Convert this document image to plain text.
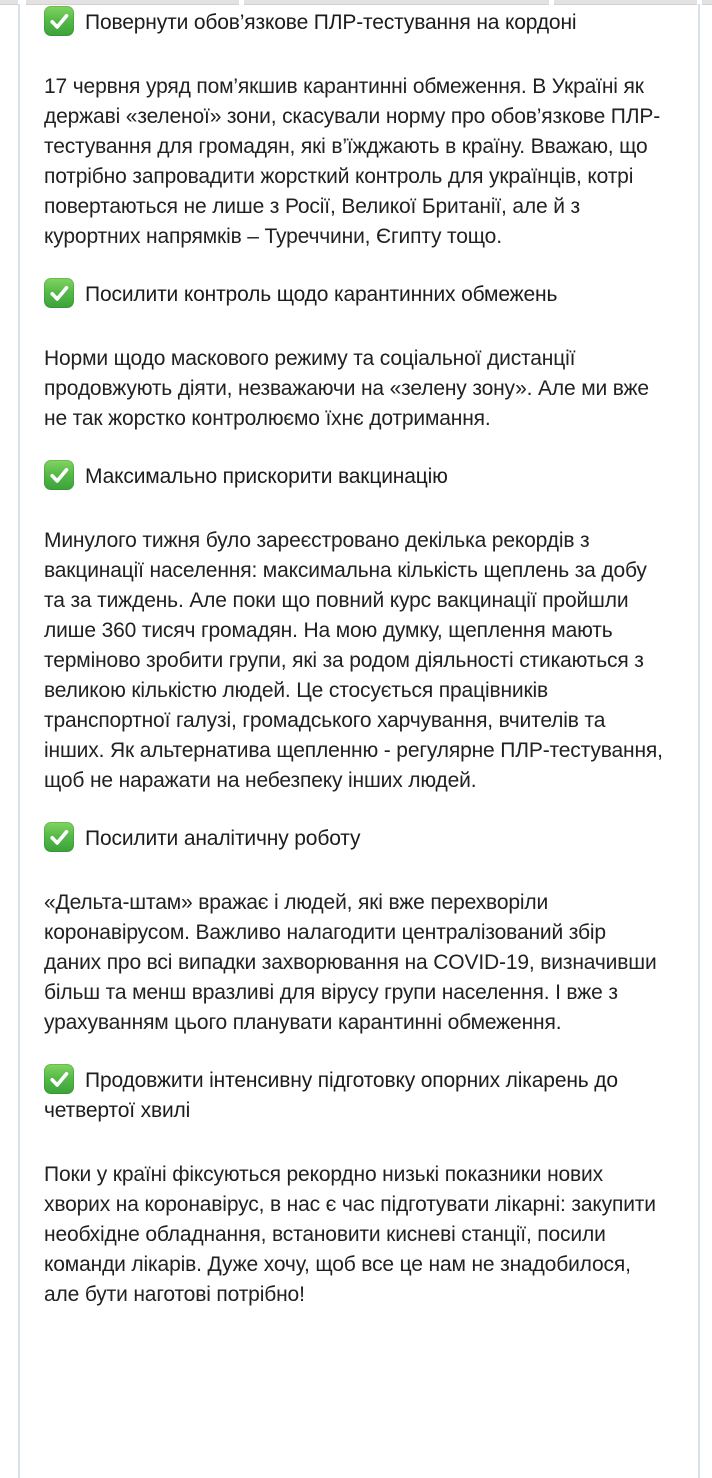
Повернути обов’язкове ПЛР-тестування на кордоні

17 червня уряд пом’якшив карантинні обмеження. В Україні як державі «зеленої» зони, скасували норму про обов’язкове ПЛР-тестування для громадян, які в’їжджають в країну. Вважаю, що потрібно запровадити жорсткий контроль для українців, котрі повертаються не лише з Росії, Великої Британії, але й з курортних напрямків – Туреччини, Єгипту тощо.

Посилити контроль щодо карантинних обмежень

Норми щодо маскового режиму та соціальної дистанції продовжують діяти, незважаючи на «зелену зону». Але ми вже не так жорстко контролюємо їхнє дотримання.

Максимально прискорити вакцинацію

Минулого тижня було зареєстровано декілька рекордів з вакцинації населення: максимальна кількість щеплень за добу та за тиждень. Але поки що повний курс вакцинації пройшли лише 360 тисяч громадян. На мою думку, щеплення мають терміново зробити групи, які за родом діяльності стикаються з великою кількістю людей. Це стосується працівників транспортної галузі, громадського харчування, вчителів та інших. Як альтернатива щепленню - регулярне ПЛР-тестування, щоб не наражати на небезпеку інших людей.

Посилити аналітичну роботу

«Дельта-штам» вражає і людей, які вже перехворіли коронавірусом. Важливо налагодити централізований збір даних про всі випадки захворювання на COVID-19, визначивши більш та менш вразливі для вірусу групи населення. І вже з урахуванням цього планувати карантинні обмеження.

Продовжити інтенсивну підготовку опорних лікарень до четвертої хвилі

Поки у країні фіксуються рекордно низькі показники нових хворих на коронавірус, в нас є час підготувати лікарні: закупити необхідне обладнання, встановити кисневі станції, посили команди лікарів. Дуже хочу, щоб все це нам не знадобилося, але бути наготові потрібно!
